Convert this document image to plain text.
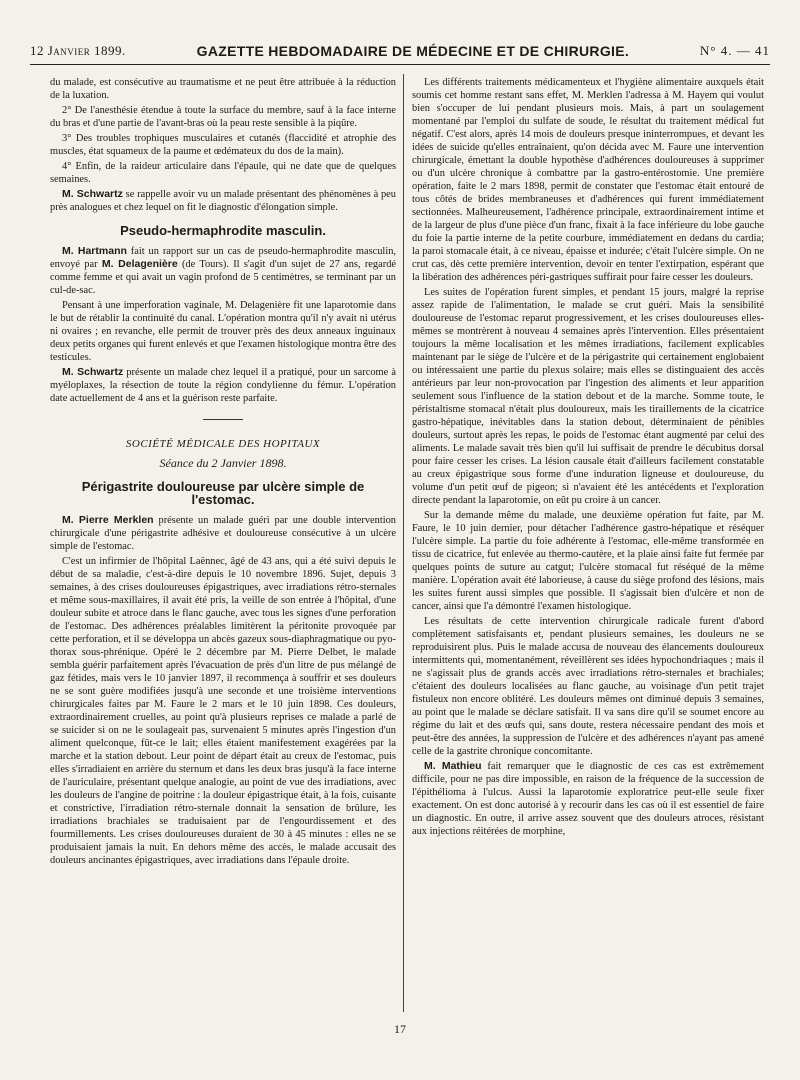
12 Janvier 1899.	GAZETTE HEBDOMADAIRE DE MÉDECINE ET DE CHIRURGIE.	N° 4. — 41

du malade, est consécutive au traumatisme et ne peut être attribuée à la réduction de la luxation.

2° De l'anesthésie étendue à toute la surface du membre, sauf à la face interne du bras et d'une partie de l'avant-bras où la peau reste sensible à la piqûre.

3° Des troubles trophiques musculaires et cutanés (flaccidité et atrophie des muscles, état squameux de la paume et œdémateux du dos de la main).

4° Enfin, de la raideur articulaire dans l'épaule, qui ne date que de quelques semaines.

M. Schwartz se rappelle avoir vu un malade présentant des phénomènes à peu près analogues et chez lequel on fit le diagnostic d'élongation simple.

Pseudo-hermaphrodite masculin.

M. Hartmann fait un rapport sur un cas de pseudo-hermaphrodite masculin, envoyé par M. Delagenière (de Tours). Il s'agit d'un sujet de 27 ans, regardé comme femme et qui avait un vagin profond de 5 centimètres, se terminant par un cul-de-sac.

Pensant à une imperforation vaginale, M. Delagenière fit une laparotomie dans le but de rétablir la continuité du canal. L'opération montra qu'il n'y avait ni utérus ni ovaires ; en revanche, elle permit de trouver près des deux anneaux inguinaux deux petits organes qui furent enlevés et que l'examen histologique montra être des testicules.

M. Schwartz présente un malade chez lequel il a pratiqué, pour un sarcome à myéloplaxes, la résection de toute la région condylienne du fémur. L'opération date actuellement de 4 ans et la guérison reste parfaite.

SOCIÉTÉ MÉDICALE DES HOPITAUX
Séance du 2 Janvier 1898.
Périgastrite douloureuse par ulcère simple de l'estomac.

M. Pierre Merklen présente un malade guéri par une double intervention chirurgicale d'une périgastrite adhésive et douloureuse consécutive à un ulcère simple de l'estomac.

C'est un infirmier de l'hôpital Laënnec, âgé de 43 ans, qui a été suivi depuis le début de sa maladie, c'est-à-dire depuis le 10 novembre 1896. Sujet, depuis 3 semaines, à des crises douloureuses épigastriques, avec irradiations rétro-sternales et même sous-maxillaires, il avait été pris, la veille de son entrée à l'hôpital, d'une douleur subite et atroce dans le flanc gauche, avec tous les signes d'une perforation de l'estomac. Des adhérences préalables limitèrent la péritonite provoquée par cette perforation, et il se développa un abcès gazeux sous-diaphragmatique ou pyo-thorax sous-phrénique. Opéré le 2 décembre par M. Pierre Delbet, le malade sembla guérir parfaitement après l'évacuation de près d'un litre de pus mélangé de gaz fétides, mais vers le 10 janvier 1897, il recommença à souffrir et ses douleurs ne se sont guère modifiées jusqu'à une seconde et une troisième interventions chirurgicales faites par M. Faure le 2 mars et le 10 juin 1898. Ces douleurs, extraordinairement cruelles, au point qu'à plusieurs reprises ce malade a parlé de se suicider si on ne le soulageait pas, survenaient 5 minutes après l'ingestion d'un aliment quelconque, fût-ce le lait; elles étaient manifestement exagérées par la marche et la station debout. Leur point de départ était au creux de l'estomac, puis elles s'irradiaient en arrière du sternum et dans les deux bras jusqu'à la face interne de l'auriculaire, présentant quelque analogie, au point de vue des irradiations, avec les douleurs de l'angine de poitrine : la douleur épigastrique était, à la fois, cuisante et constrictive, l'irradiation rétro-sternale donnait la sensation de brûlure, les irradiations brachiales se traduisaient par de l'engourdissement et des fourmillements. Les crises douloureuses duraient de 30 à 45 minutes : elles ne se produisaient jamais la nuit. En dehors même des accès, le malade accusait des douleurs ancinantes épigastriques, avec irradiations dans l'épaule droite.

Les différents traitements médicamenteux et l'hygiène alimentaire auxquels était soumis cet homme restant sans effet, M. Merklen l'adressa à M. Hayem qui voulut bien s'occuper de lui pendant plusieurs mois. Mais, à part un soulagement momentané par l'emploi du sulfate de soude, le résultat du traitement médical fut négatif. C'est alors, après 14 mois de douleurs presque ininterrompues, et devant les idées de suicide qu'elles entraînaient, qu'on décida avec M. Faure une intervention chirurgicale, émettant la double hypothèse d'adhérences douloureuses à supprimer ou d'un ulcère chronique à combattre par la gastro-entérostomie. Une première opération, faite le 2 mars 1898, permit de constater que l'estomac était entouré de tous côtés de brides membraneuses et d'adhérences qui furent immédiatement sectionnées. Malheureusement, l'adhérence principale, extraordinairement intime et de la largeur de plus d'une pièce d'un franc, fixait à la face inférieure du lobe gauche du foie la partie interne de la petite courbure, immédiatement en dedans du cardia; la paroi stomacale était, à ce niveau, épaisse et indurée; c'était l'ulcère simple. On ne crut cas, dès cette première intervention, devoir en tenter l'extirpation, espérant que la libération des adhérences péri-gastriques suffirait pour faire cesser les douleurs.

Les suites de l'opération furent simples, et pendant 15 jours, malgré la reprise assez rapide de l'alimentation, le malade se crut guéri. Mais la sensibilité douloureuse de l'estomac reparut progressivement, et les crises douloureuses elles-mêmes se montrèrent à nouveau 4 semaines après l'intervention. Elles présentaient toujours la même localisation et les mêmes irradiations, facilement explicables maintenant par le siège de l'ulcère et de la périgastrite qui certainement englobaient ou intéressaient une partie du plexus solaire; mais elles se distinguaient des accès antérieurs par leur non-provocation par l'ingestion des aliments et leur apparition seulement sous l'influence de la station debout et de la marche. Somme toute, le péristaltisme stomacal n'était plus douloureux, mais les tiraillements de la cicatrice gastro-hépatique, inévitables dans la station debout, déterminaient de pénibles douleurs, surtout après les repas, le poids de l'estomac étant augmenté par celui des aliments. Le malade savait très bien qu'il lui suffisait de prendre le décubitus dorsal pour faire cesser les crises. La lésion causale était d'ailleurs facilement constatable au creux épigastrique sous forme d'une induration ligneuse et douloureuse, du volume d'un petit œuf de pigeon; si n'avaient été les antécédents et l'exploration directe pendant la laparotomie, on eût pu croire à un cancer.

Sur la demande même du malade, une deuxième opération fut faite, par M. Faure, le 10 juin dernier, pour détacher l'adhérence gastro-hépatique et réséquer l'ulcère simple. La partie du foie adhérente à l'estomac, elle-même transformée en tissu de cicatrice, fut enlevée au thermo-cautère, et la plaie ainsi faite fut fermée par quelques points de suture au catgut; l'ulcère stomacal fut réséqué de la même manière. L'opération avait été laborieuse, à cause du siège profond des lésions, mais les suites furent aussi simples que possible. Il s'agissait bien d'ulcère et non de cancer, ainsi que l'a démontré l'examen histologique.

Les résultats de cette intervention chirurgicale radicale furent d'abord complètement satisfaisants et, pendant plusieurs semaines, les douleurs ne se reproduisirent plus. Puis le malade accusa de nouveau des élancements douloureux intermittents qui, momentanément, réveillèrent ses idées hypochondriaques ; mais il ne s'agissait plus de grands accès avec irradiations rétro-sternales et brachiales; c'étaient des douleurs localisées au flanc gauche, au voisinage d'un petit trajet fistuleux non encore oblitéré. Les douleurs mêmes ont diminué depuis 3 semaines, au point que le malade se déclare satisfait. Il va sans dire qu'il se soumet encore au régime du lait et des œufs qui, sans doute, restera nécessaire pendant des mois et peut-être des années, la suppression de l'ulcère et des adhérences n'ayant pas amené celle de la gastrite chronique concomitante.

M. Mathieu fait remarquer que le diagnostic de ces cas est extrêmement difficile, pour ne pas dire impossible, en raison de la fréquence de la succession de l'épithélioma à l'ulcus. Aussi la laparotomie exploratrice peut-elle seule fixer exactement. On est donc autorisé à y recourir dans les cas où il est essentiel de faire un diagnostic. En outre, il arrive assez souvent que des douleurs atroces, résistant aux injections réitérées de morphine,

17
